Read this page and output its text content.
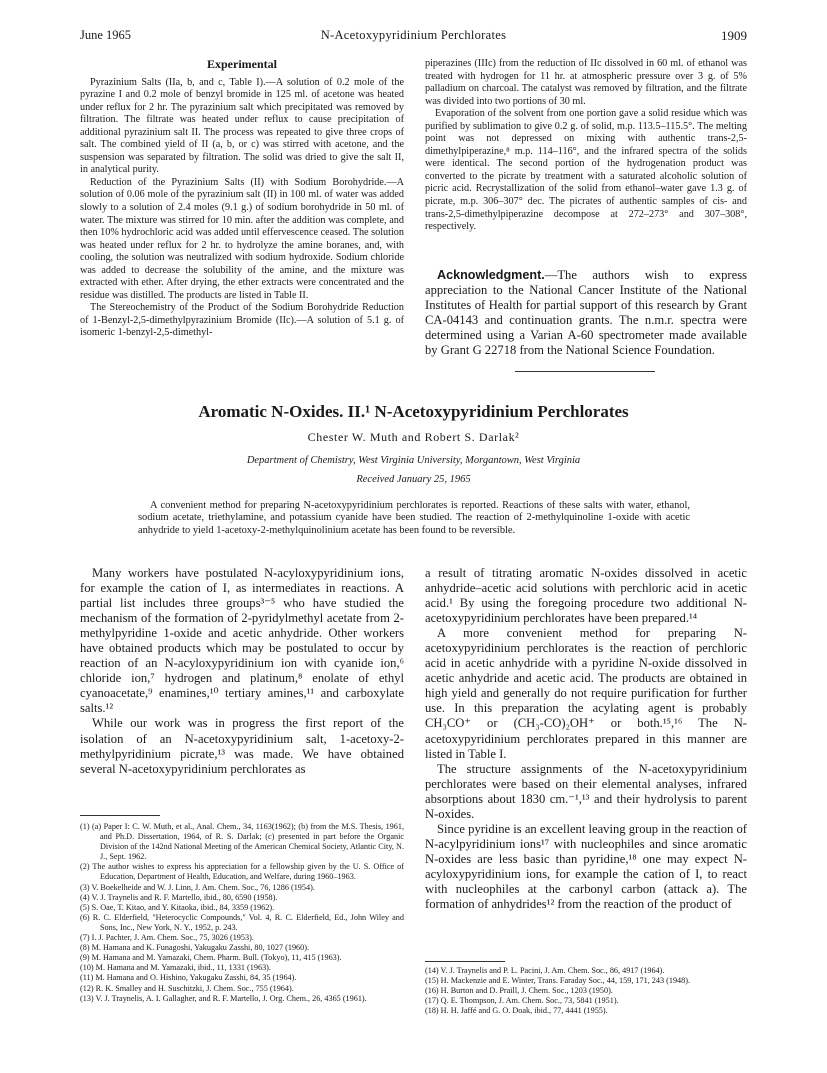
June 1965	N-Acetoxypyridinium Perchlorates	1909
Experimental

Pyrazinium Salts (IIa, b, and c, Table I).—A solution of 0.2 mole of the pyrazine I and 0.2 mole of benzyl bromide in 125 ml. of acetone was heated under reflux for 2 hr. The pyrazinium salt which precipitated was removed by filtration. The filtrate was heated under reflux to cause precipitation of additional pyrazinium salt II. The process was repeated to give three crops of salt. The combined yield of II (a, b, or c) was stirred with acetone, and the suspension was separated by filtration. The solid was dried to give the salt II, in analytical purity.

Reduction of the Pyrazinium Salts (II) with Sodium Borohydride.—A solution of 0.06 mole of the pyrazinium salt (II) in 100 ml. of water was added slowly to a solution of 2.4 moles (9.1 g.) of sodium borohydride in 50 ml. of water. The mixture was stirred for 10 min. after the addition was complete, and then 10% hydrochloric acid was added until effervescence ceased. The solution was heated under reflux for 2 hr. to hydrolyze the amine boranes, and, with cooling, the solution was neutralized with sodium hydroxide. Sodium chloride was added to decrease the solubility of the amine, and the mixture was extracted with ether. After drying, the ether extracts were concentrated and the residue was distilled. The products are listed in Table II.

The Stereochemistry of the Product of the Sodium Borohydride Reduction of 1-Benzyl-2,5-dimethylpyrazinium Bromide (IIc).—A solution of 5.1 g. of isomeric 1-benzyl-2,5-dimethyl-

piperazines (IIIc) from the reduction of IIc dissolved in 60 ml. of ethanol was treated with hydrogen for 11 hr. at atmospheric pressure over 3 g. of 5% palladium on charcoal. The catalyst was removed by filtration, and the filtrate was divided into two portions of 30 ml.

Evaporation of the solvent from one portion gave a solid residue which was purified by sublimation to give 0.2 g. of solid, m.p. 113.5–115.5°. The melting point was not depressed on mixing with authentic trans-2,5-dimethylpiperazine,⁸ m.p. 114–116°, and the infrared spectra of the solids were identical. The second portion of the hydrogenation product was converted to the picrate by treatment with a saturated alcoholic solution of picric acid. Recrystallization of the solid from ethanol–water gave 1.3 g. of picrate, m.p. 306–307° dec. The picrates of authentic samples of cis- and trans-2,5-dimethylpiperazine decompose at 272–273° and 307–308°, respectively.

Acknowledgment.—The authors wish to express appreciation to the National Cancer Institute of the National Institutes of Health for partial support of this research by Grant CA-04143 and continuation grants. The n.m.r. spectra were determined using a Varian A-60 spectrometer made available by Grant G 22718 from the National Science Foundation.
Aromatic N-Oxides. II.¹ N-Acetoxypyridinium Perchlorates
Chester W. Muth and Robert S. Darlak²
Department of Chemistry, West Virginia University, Morgantown, West Virginia
Received January 25, 1965
A convenient method for preparing N-acetoxypyridinium perchlorates is reported. Reactions of these salts with water, ethanol, sodium acetate, triethylamine, and potassium cyanide have been studied. The reaction of 2-methylquinoline 1-oxide with acetic anhydride to yield 1-acetoxy-2-methylquinolinium acetate has been found to be reversible.

Many workers have postulated N-acyloxypyridinium ions, for example the cation of I, as intermediates in reactions. A partial list includes three groups³⁻⁵ who have studied the mechanism of the formation of 2-pyridylmethyl acetate from 2-methylpyridine 1-oxide and acetic anhydride. Other workers have obtained products which may be postulated to occur by reaction of an N-acyloxypyridinium ion with cyanide ion,⁶ chloride ion,⁷ hydrogen and platinum,⁸ enolate of ethyl cyanoacetate,⁹ enamines,¹⁰ tertiary amines,¹¹ and carboxylate salts.¹²

While our work was in progress the first report of the isolation of an N-acetoxypyridinium salt, 1-acetoxy-2-methylpyridinium picrate,¹³ was made. We have obtained several N-acetoxypyridinium perchlorates as

a result of titrating aromatic N-oxides dissolved in acetic anhydride–acetic acid solutions with perchloric acid in acetic acid.¹ By using the foregoing procedure two additional N-acetoxypyridinium perchlorates have been prepared.¹⁴

A more convenient method for preparing N-acetoxypyridinium perchlorates is the reaction of perchloric acid in acetic anhydride with a pyridine N-oxide dissolved in acetic anhydride and acetic acid. The products are obtained in high yield and generally do not require purification for further use. In this preparation the acylating agent is probably CH₃CO⁺ or (CH₃-CO)₂OH⁺ or both.¹⁵,¹⁶ The N-acetoxypyridinium perchlorates prepared in this manner are listed in Table I.

The structure assignments of the N-acetoxypyridinium perchlorates were based on their elemental analyses, infrared absorptions about 1830 cm.⁻¹,¹³ and their hydrolysis to parent N-oxides.

Since pyridine is an excellent leaving group in the reaction of N-acylpyridinium ions¹⁷ with nucleophiles and since aromatic N-oxides are less basic than pyridine,¹⁸ one may expect N-acyloxypyridinium ions, for example the cation of I, to react with nucleophiles at the carbonyl carbon (attack a). The formation of anhydrides¹² from the reaction of the product of

(1) (a) Paper I: C. W. Muth, et al., Anal. Chem., 34, 1163(1962); (b) from the M.S. Thesis, 1961, and Ph.D. Dissertation, 1964, of R. S. Darlak; (c) presented in part before the Organic Division of the 142nd National Meeting of the American Chemical Society, Atlantic City, N. J., Sept. 1962.
(2) The author wishes to express his appreciation for a fellowship given by the U. S. Office of Education, Department of Health, Education, and Welfare, during 1960–1963.
(3) V. Boekelheide and W. J. Linn, J. Am. Chem. Soc., 76, 1286 (1954).
(4) V. J. Traynelis and R. F. Martello, ibid., 80, 6590 (1958).
(5) S. Oae, T. Kitao, and Y. Kitaoka, ibid., 84, 3359 (1962).
(6) R. C. Elderfield, "Heterocyclic Compounds," Vol. 4, R. C. Elderfield, Ed., John Wiley and Sons, Inc., New York, N. Y., 1952, p. 243.
(7) I. J. Pachter, J. Am. Chem. Soc., 75, 3026 (1953).
(8) M. Hamana and K. Funagoshi, Yakugaku Zasshi, 80, 1027 (1960).
(9) M. Hamana and M. Yamazaki, Chem. Pharm. Bull. (Tokyo), 11, 415 (1963).
(10) M. Hamana and M. Yamazaki, ibid., 11, 1331 (1963).
(11) M. Hamana and O. Hishino, Yakugaku Zasshi, 84, 35 (1964).
(12) R. K. Smalley and H. Suschitzki, J. Chem. Soc., 755 (1964).
(13) V. J. Traynelis, A. I. Gallagher, and R. F. Martello, J. Org. Chem., 26, 4365 (1961).
(14) V. J. Traynelis and P. L. Pacini, J. Am. Chem. Soc., 86, 4917 (1964).
(15) H. Mackenzie and E. Winter, Trans. Faraday Soc., 44, 159, 171, 243 (1948).
(16) H. Burton and D. Praill, J. Chem. Soc., 1203 (1950).
(17) Q. E. Thompson, J. Am. Chem. Soc., 73, 5841 (1951).
(18) H. H. Jaffé and G. O. Doak, ibid., 77, 4441 (1955).
